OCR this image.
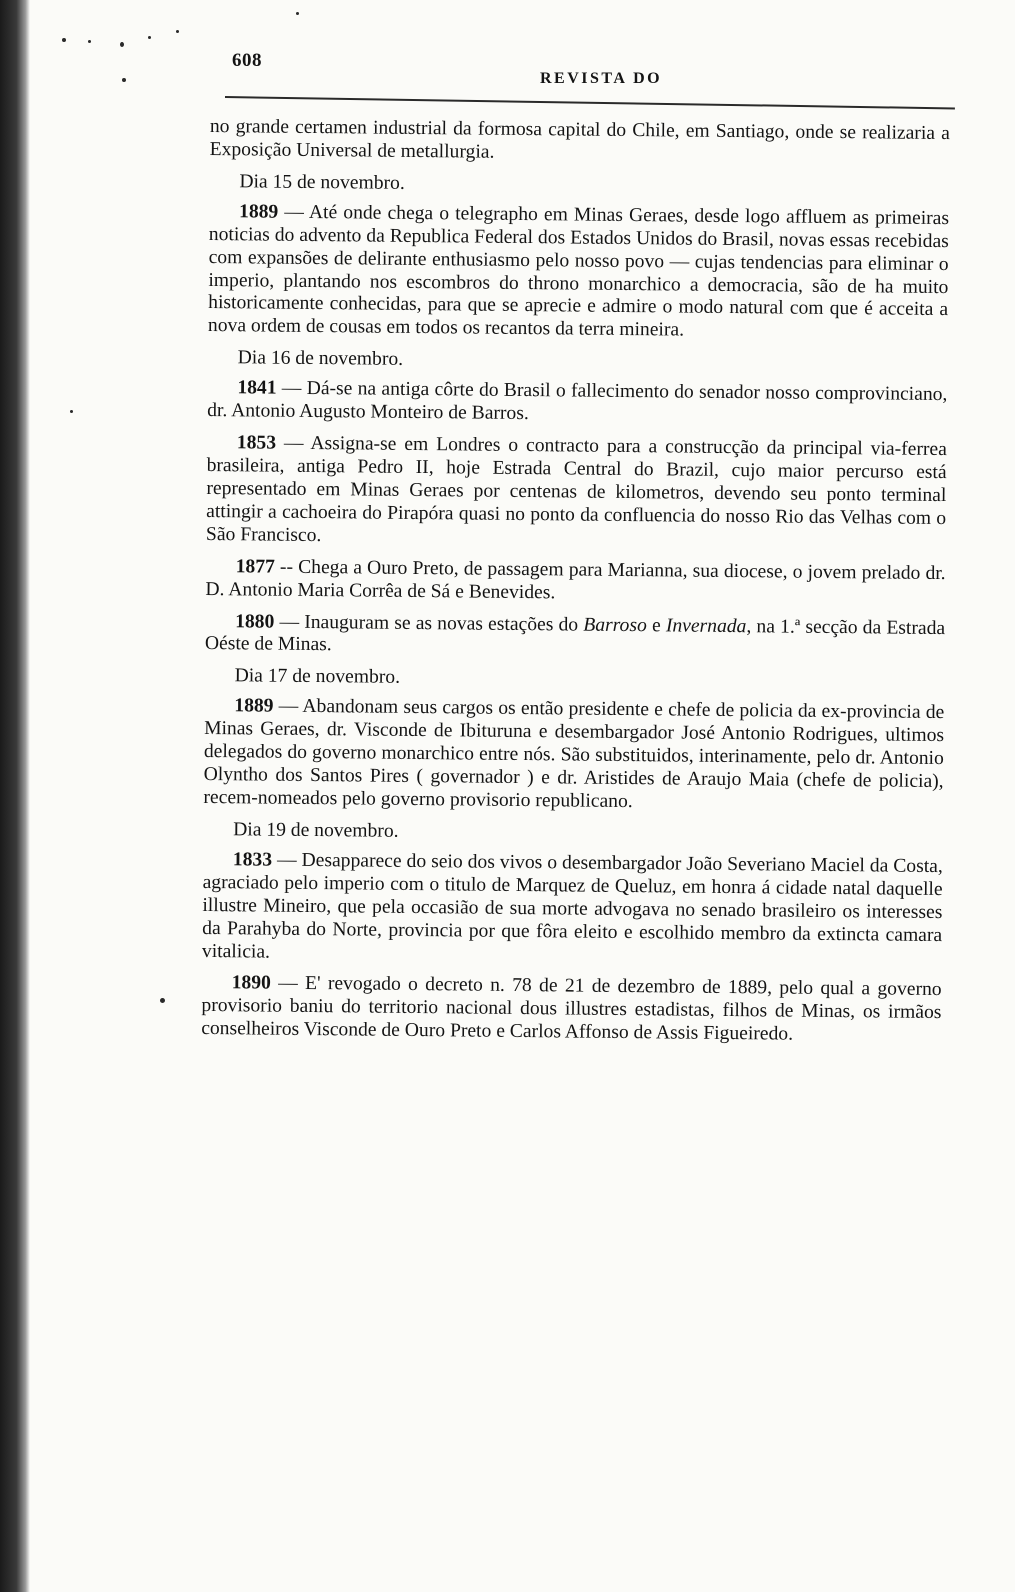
608
REVISTA DO

no grande certamen industrial da formosa capital do Chile, em Santiago, onde se realizaria a Exposição Universal de metallurgia.

Dia 15 de novembro.

1889 — Até onde chega o telegrapho em Minas Geraes, desde logo affluem as primeiras noticias do advento da Republica Federal dos Estados Unidos do Brasil, novas essas recebidas com expansões de delirante enthusiasmo pelo nosso povo — cujas tendencias para eliminar o imperio, plantando nos escombros do throno monarchico a democracia, são de ha muito historicamente conhecidas, para que se aprecie e admire o modo natural com que é acceita a nova ordem de cousas em todos os recantos da terra mineira.

Dia 16 de novembro.

1841 — Dá-se na antiga côrte do Brasil o fallecimento do senador nosso comprovinciano, dr. Antonio Augusto Monteiro de Barros.

1853 — Assigna-se em Londres o contracto para a construcção da principal via-ferrea brasileira, antiga Pedro II, hoje Estrada Central do Brazil, cujo maior percurso está representado em Minas Geraes por centenas de kilometros, devendo seu ponto terminal attingir a cachoeira do Pirapóra quasi no ponto da confluencia do nosso Rio das Velhas com o São Francisco.

1877 -- Chega a Ouro Preto, de passagem para Marianna, sua diocese, o jovem prelado dr. D. Antonio Maria Corrêa de Sá e Benevides.

1880 — Inauguram se as novas estações do Barroso e Invernada, na 1.ª secção da Estrada Oéste de Minas.

Dia 17 de novembro.

1889 — Abandonam seus cargos os então presidente e chefe de policia da ex-provincia de Minas Geraes, dr. Visconde de Ibituruna e desembargador José Antonio Rodrigues, ultimos delegados do governo monarchico entre nós. São substituidos, interinamente, pelo dr. Antonio Olyntho dos Santos Pires ( governador ) e dr. Aristides de Araujo Maia (chefe de policia), recem-nomeados pelo governo provisorio republicano.

Dia 19 de novembro.

1833 — Desapparece do seio dos vivos o desembargador João Severiano Maciel da Costa, agraciado pelo imperio com o titulo de Marquez de Queluz, em honra á cidade natal daquelle illustre Mineiro, que pela occasião de sua morte advogava no senado brasileiro os interesses da Parahyba do Norte, provincia por que fôra eleito e escolhido membro da extincta camara vitalicia.

1890 — E' revogado o decreto n. 78 de 21 de dezembro de 1889, pelo qual a governo provisorio baniu do territorio nacional dous illustres estadistas, filhos de Minas, os irmãos conselheiros Visconde de Ouro Preto e Carlos Affonso de Assis Figueiredo.
